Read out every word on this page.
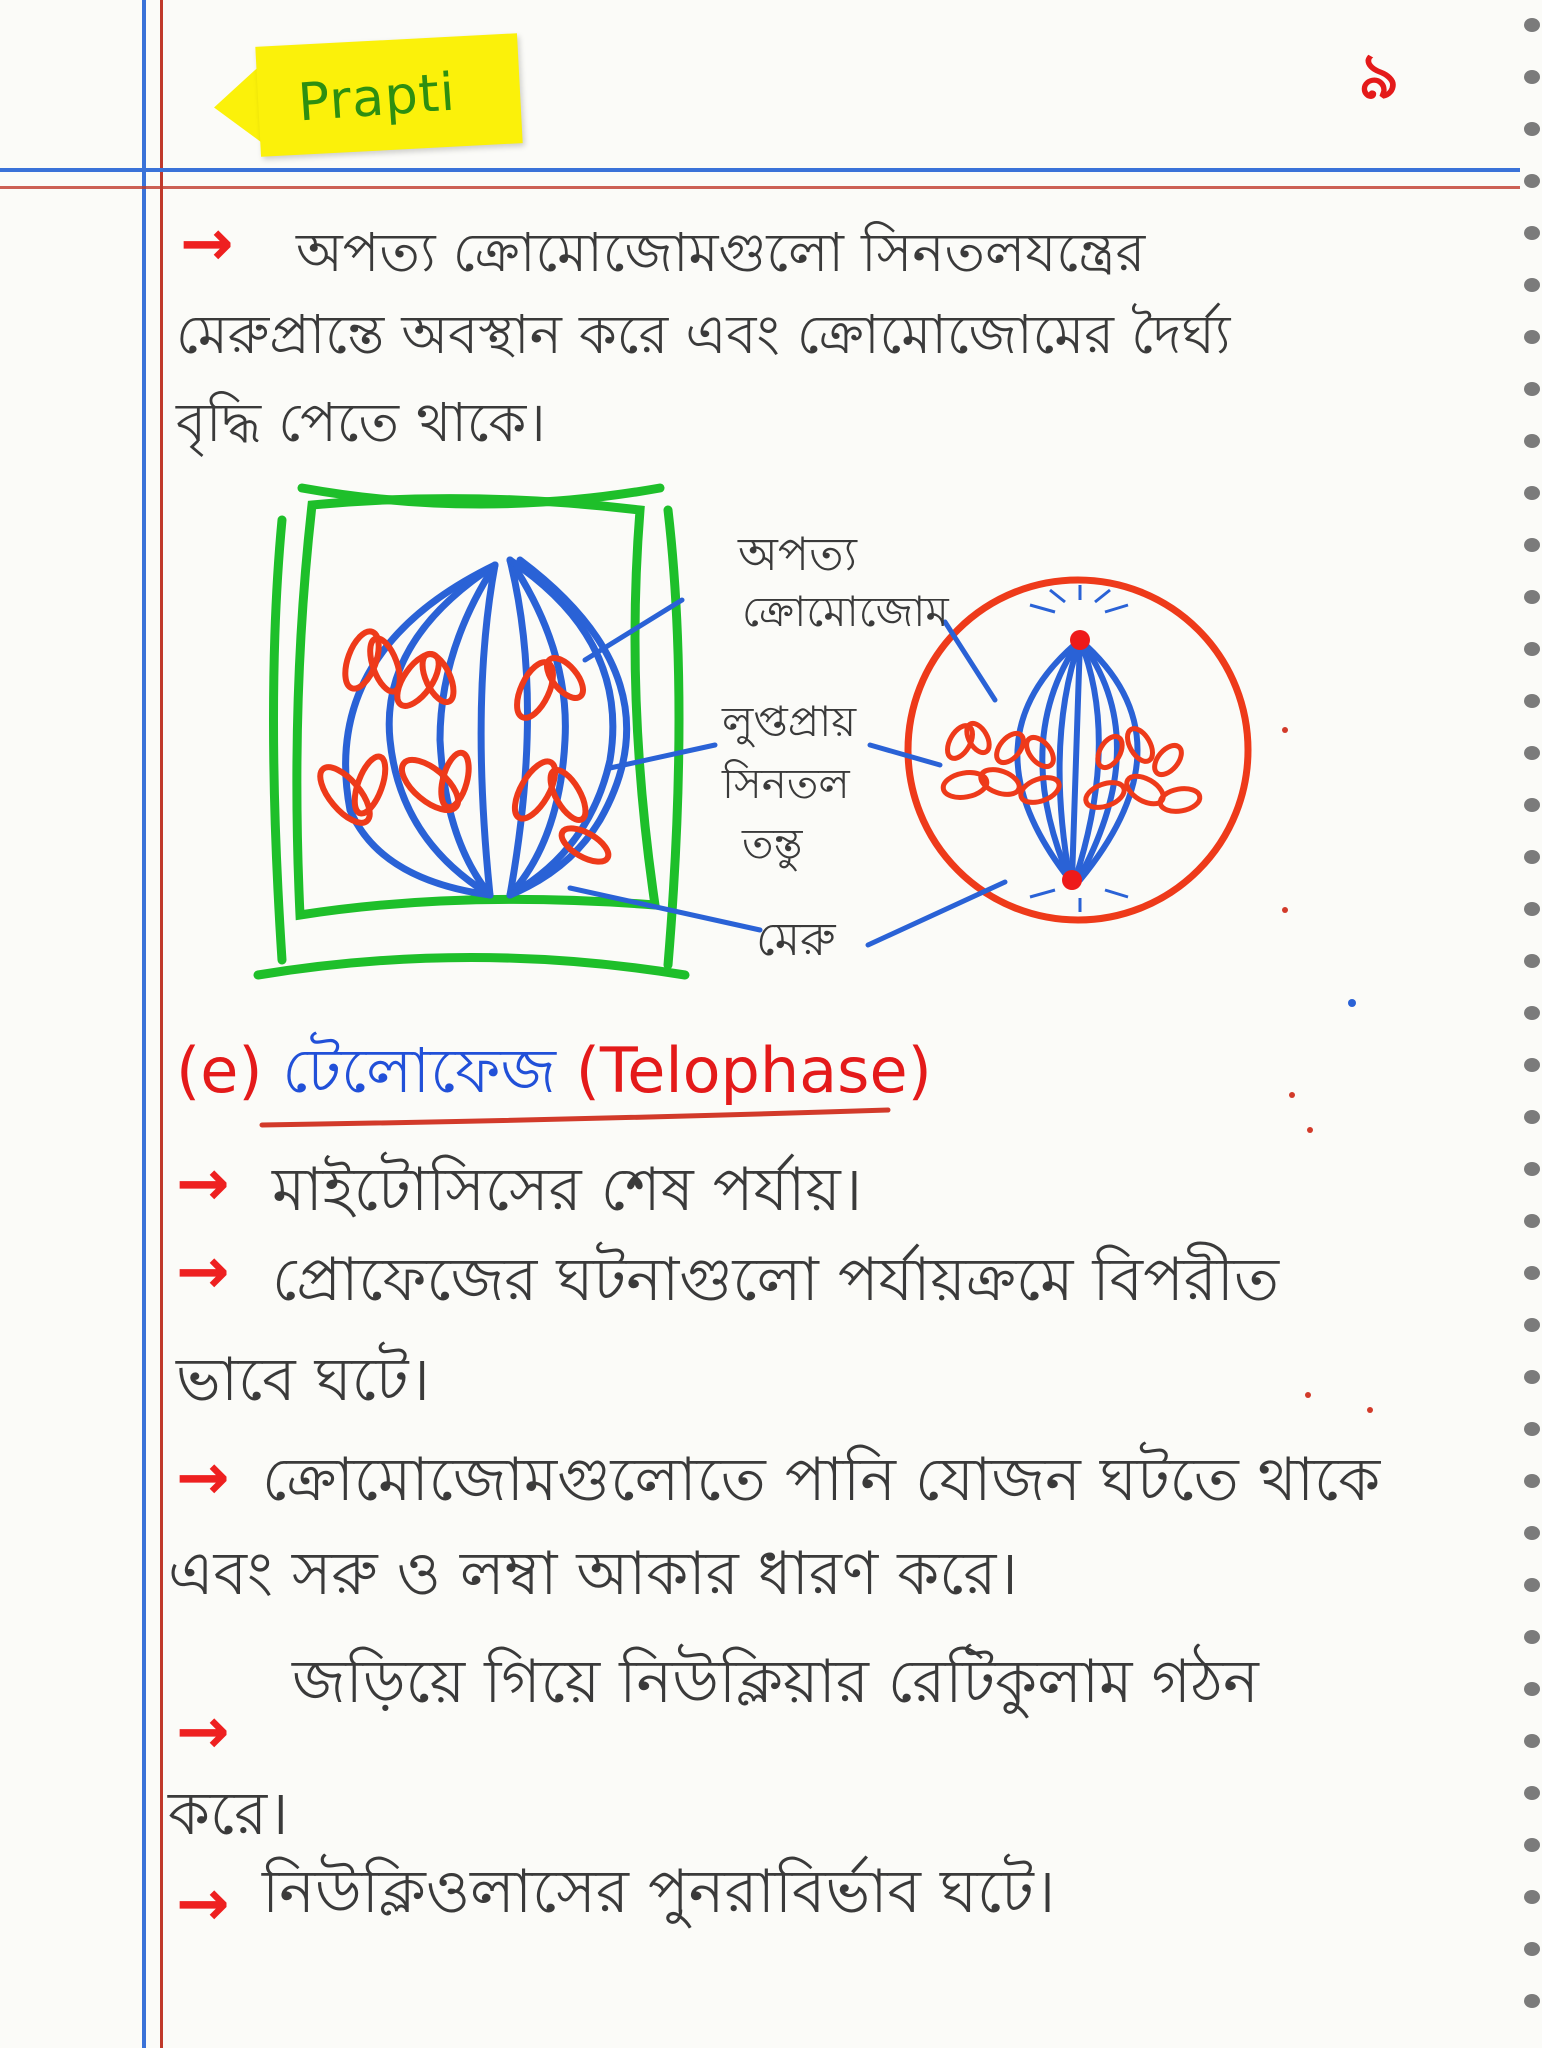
Prapti	৯
→ অপত্য ক্রোমোজোমগুলো সিনতলযন্ত্রের
মেরুপ্রান্তে অবস্থান করে এবং ক্রোমোজোমের দৈর্ঘ্য
বৃদ্ধি পেতে থাকে।
অপত্য
ক্রোমোজোম
লুপ্তপ্রায়
সিনতল
তন্তু
মেরু
(e) টেলোফেজ (Telophase)
→ মাইটোসিসের শেষ পর্যায়।
→ প্রোফেজের ঘটনাগুলো পর্যায়ক্রমে বিপরীত
ভাবে ঘটে।
→ ক্রোমোজোমগুলোতে পানি যোজন ঘটতে থাকে
এবং সরু ও লম্বা আকার ধারণ করে।
→
জড়িয়ে গিয়ে নিউক্লিয়ার রেটিকুলাম গঠন
করে।
→ নিউক্লিওলাসের পুনরাবির্ভাব ঘটে।
